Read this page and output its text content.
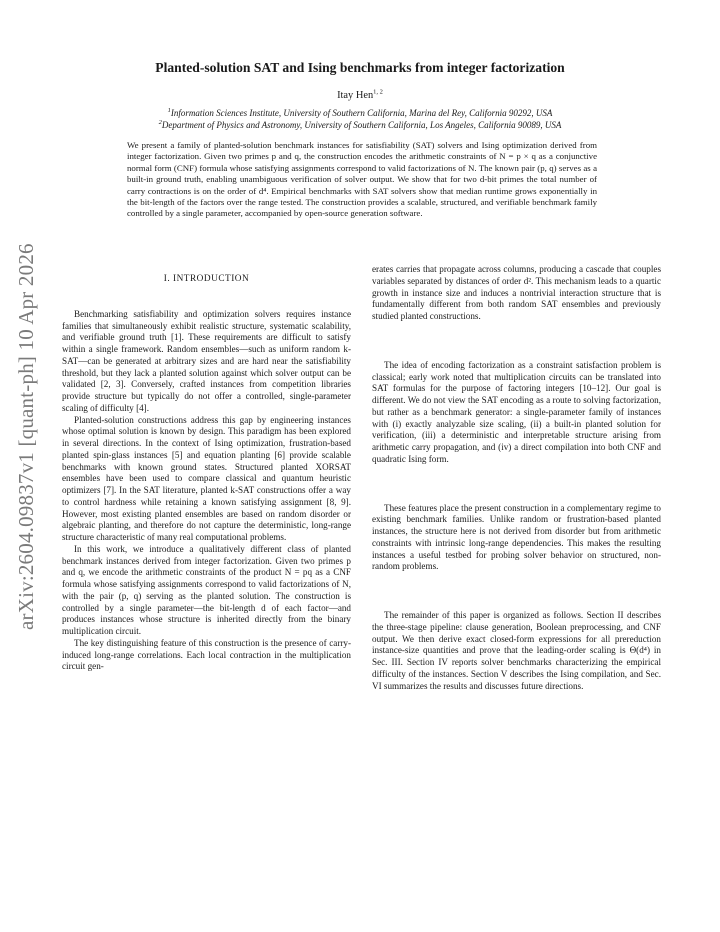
arXiv:2604.09837v1 [quant-ph] 10 Apr 2026
Planted-solution SAT and Ising benchmarks from integer factorization
Itay Hen$^{1, 2}$
$^1$Information Sciences Institute, University of Southern California, Marina del Rey, California 90292, USA
$^2$Department of Physics and Astronomy, University of Southern California, Los Angeles, California 90089, USA

We present a family of planted-solution benchmark instances for satisfiability (SAT) solvers and Ising optimization derived from integer factorization. Given two primes p and q, the construction encodes the arithmetic constraints of N = p × q as a conjunctive normal form (CNF) formula whose satisfying assignments correspond to valid factorizations of N. The known pair (p, q) serves as a built-in ground truth, enabling unambiguous verification of solver output. We show that for two d-bit primes the total number of carry contractions is on the order of d⁴. Empirical benchmarks with SAT solvers show that median runtime grows exponentially in the bit-length of the factors over the range tested. The construction provides a scalable, structured, and verifiable benchmark family controlled by a single parameter, accompanied by open-source generation software.

I. INTRODUCTION

Benchmarking satisfiability and optimization solvers requires instance families that simultaneously exhibit realistic structure, systematic scalability, and verifiable ground truth [1]. These requirements are difficult to satisfy within a single framework. Random ensembles—such as uniform random k-SAT—can be generated at arbitrary sizes and are hard near the satisfiability threshold, but they lack a planted solution against which solver output can be validated [2, 3]. Conversely, crafted instances from competition libraries provide structure but typically do not offer a controlled, single-parameter scaling of difficulty [4].

Planted-solution constructions address this gap by engineering instances whose optimal solution is known by design. This paradigm has been explored in several directions. In the context of Ising optimization, frustration-based planted spin-glass instances [5] and equation planting [6] provide scalable benchmarks with known ground states. Structured planted XORSAT ensembles have been used to compare classical and quantum heuristic optimizers [7]. In the SAT literature, planted k-SAT constructions offer a way to control hardness while retaining a known satisfying assignment [8, 9]. However, most existing planted ensembles are based on random disorder or algebraic planting, and therefore do not capture the deterministic, long-range structure characteristic of many real computational problems.

In this work, we introduce a qualitatively different class of planted benchmark instances derived from integer factorization. Given two primes p and q, we encode the arithmetic constraints of the product N = pq as a CNF formula whose satisfying assignments correspond to valid factorizations of N, with the pair (p, q) serving as the planted solution. The construction is controlled by a single parameter—the bit-length d of each factor—and produces instances whose structure is inherited directly from the binary multiplication circuit.

The key distinguishing feature of this construction is the presence of carry-induced long-range correlations. Each local contraction in the multiplication circuit gen-

erates carries that propagate across columns, producing a cascade that couples variables separated by distances of order d². This mechanism leads to a quartic growth in instance size and induces a nontrivial interaction structure that is fundamentally different from both random SAT ensembles and previously studied planted constructions.

The idea of encoding factorization as a constraint satisfaction problem is classical; early work noted that multiplication circuits can be translated into SAT formulas for the purpose of factoring integers [10–12]. Our goal is different. We do not view the SAT encoding as a route to solving factorization, but rather as a benchmark generator: a single-parameter family of instances with (i) exactly analyzable size scaling, (ii) a built-in planted solution for verification, (iii) a deterministic and interpretable structure arising from arithmetic carry propagation, and (iv) a direct compilation into both CNF and quadratic Ising form.

These features place the present construction in a complementary regime to existing benchmark families. Unlike random or frustration-based planted instances, the structure here is not derived from disorder but from arithmetic constraints with intrinsic long-range dependencies. This makes the resulting instances a useful testbed for probing solver behavior on structured, non-random problems.

The remainder of this paper is organized as follows. Section II describes the three-stage pipeline: clause generation, Boolean preprocessing, and CNF output. We then derive exact closed-form expressions for all prereduction instance-size quantities and prove that the leading-order scaling is Θ(d⁴) in Sec. III. Section IV reports solver benchmarks characterizing the empirical difficulty of the instances. Section V describes the Ising compilation, and Sec. VI summarizes the results and discusses future directions.
